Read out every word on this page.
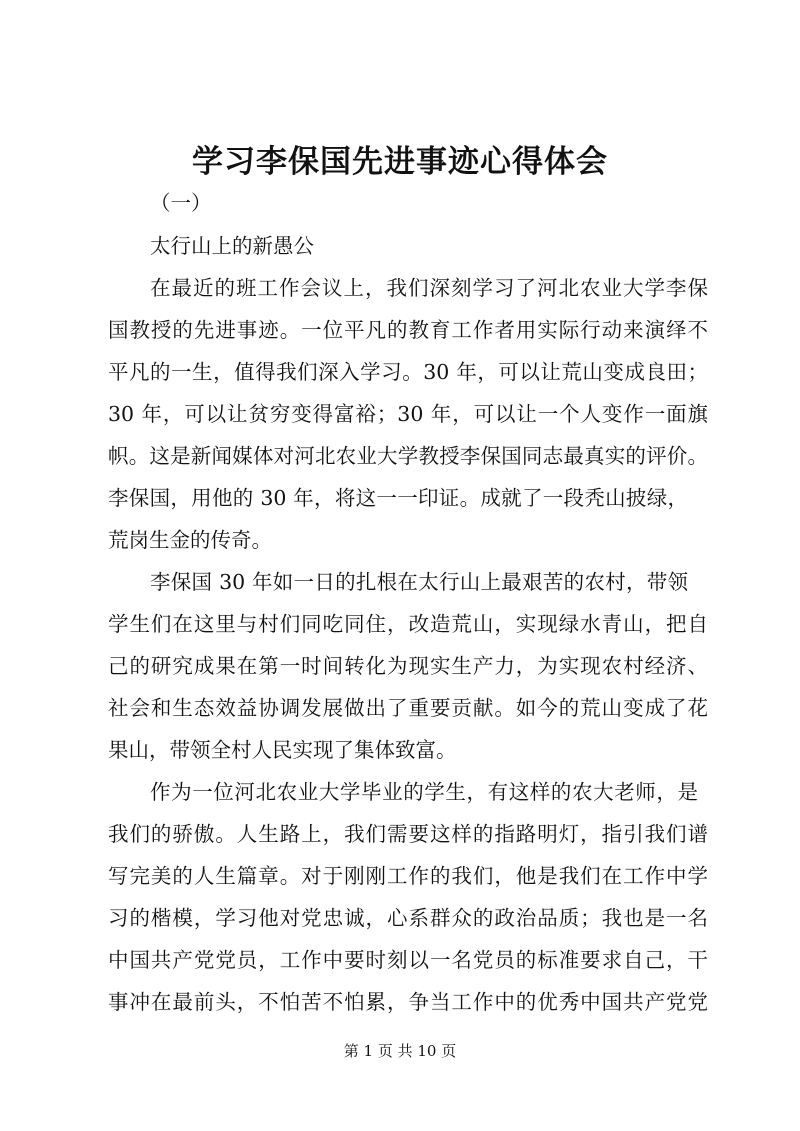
学习李保国先进事迹心得体会

（一）

太行山上的新愚公

在最近的班工作会议上，我们深刻学习了河北农业大学李保

国教授的先进事迹。一位平凡的教育工作者用实际行动来演绎不

平凡的一生，值得我们深入学习。30 年，可以让荒山变成良田；

30 年，可以让贫穷变得富裕；30 年，可以让一个人变作一面旗

帜。这是新闻媒体对河北农业大学教授李保国同志最真实的评价。

李保国，用他的 30 年，将这一一印证。成就了一段秃山披绿，

荒岗生金的传奇。

李保国 30 年如一日的扎根在太行山上最艰苦的农村，带领

学生们在这里与村们同吃同住，改造荒山，实现绿水青山，把自

己的研究成果在第一时间转化为现实生产力，为实现农村经济、

社会和生态效益协调发展做出了重要贡献。如今的荒山变成了花

果山，带领全村人民实现了集体致富。

作为一位河北农业大学毕业的学生，有这样的农大老师，是

我们的骄傲。人生路上，我们需要这样的指路明灯，指引我们谱

写完美的人生篇章。对于刚刚工作的我们，他是我们在工作中学

习的楷模，学习他对党忠诚，心系群众的政治品质；我也是一名

中国共产党党员，工作中要时刻以一名党员的标准要求自己，干

事冲在最前头，不怕苦不怕累，争当工作中的优秀中国共产党党

第 1 页 共 10 页
